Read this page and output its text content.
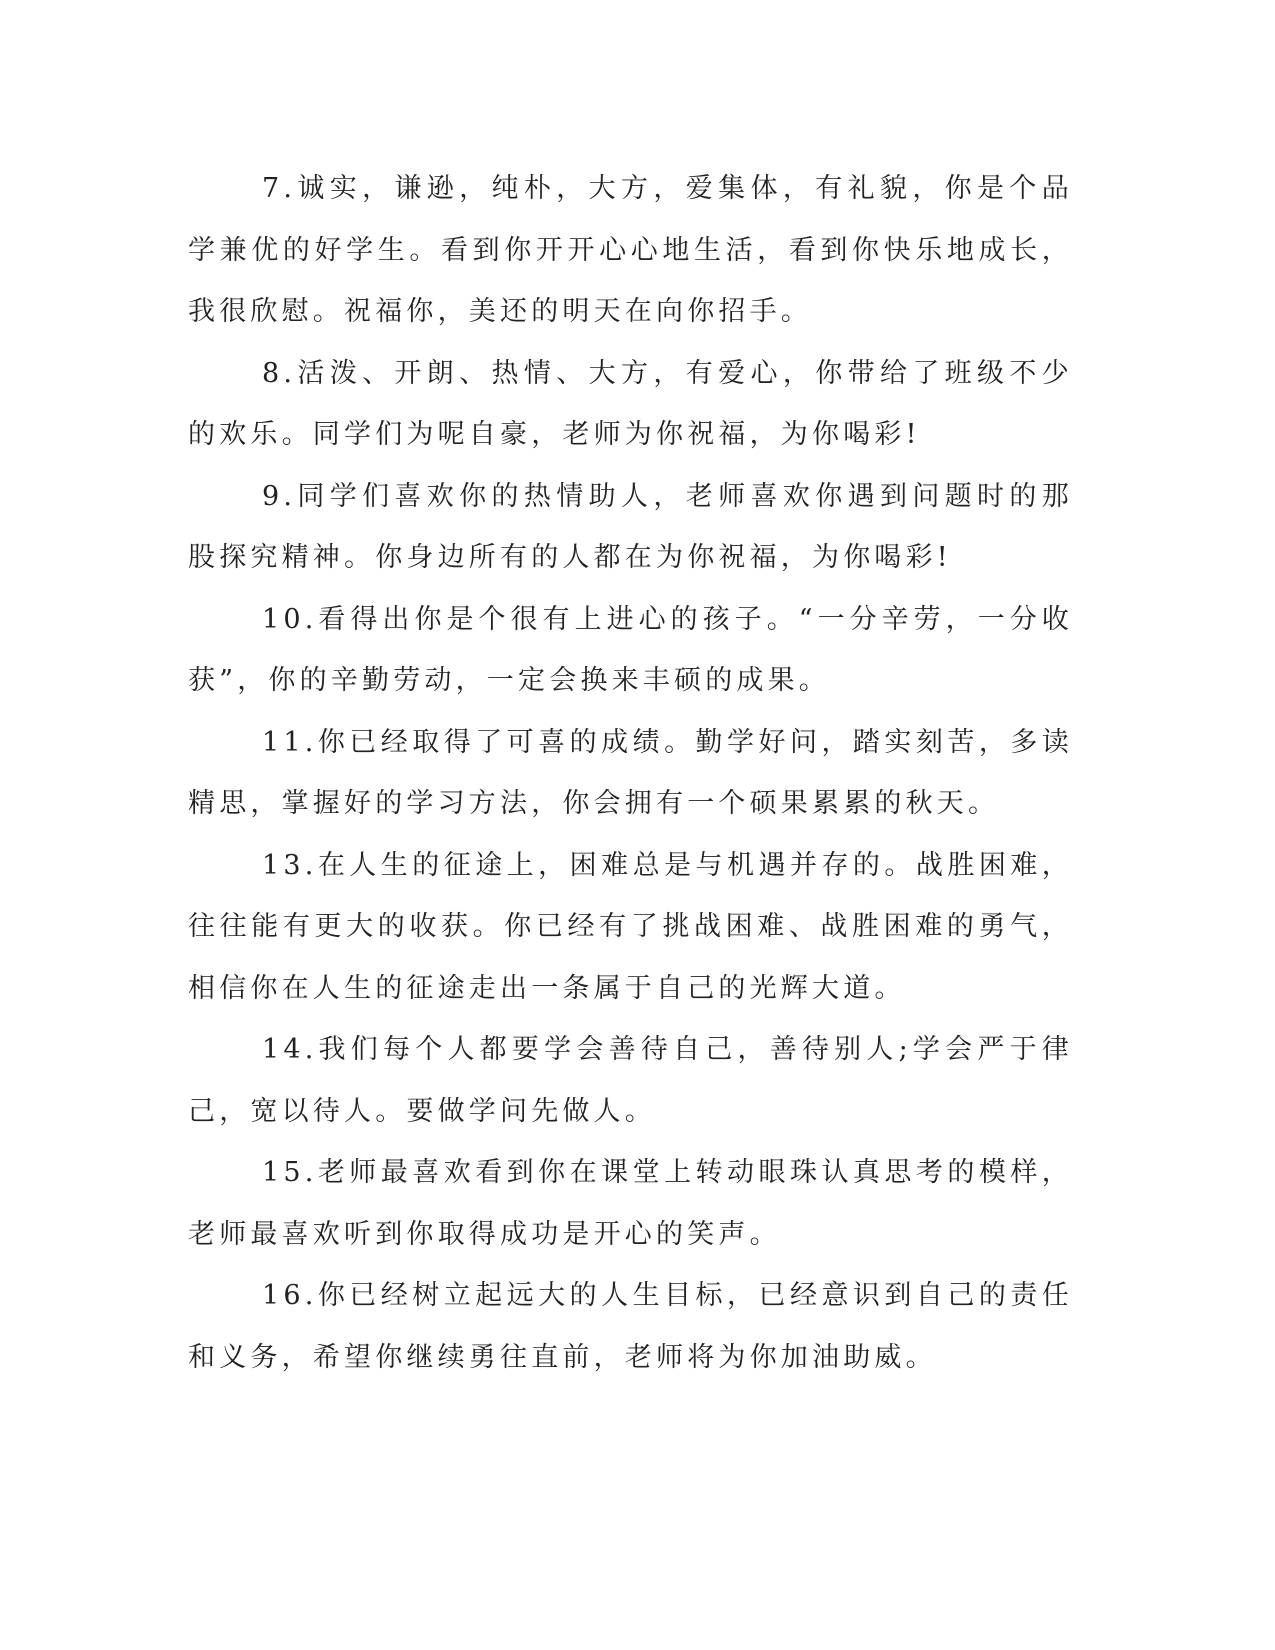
7.诚实，谦逊，纯朴，大方，爱集体，有礼貌，你是个品学兼优的好学生。看到你开开心心地生活，看到你快乐地成长，我很欣慰。祝福你，美还的明天在向你招手。

8.活泼、开朗、热情、大方，有爱心，你带给了班级不少的欢乐。同学们为呢自豪，老师为你祝福，为你喝彩!

9.同学们喜欢你的热情助人，老师喜欢你遇到问题时的那股探究精神。你身边所有的人都在为你祝福，为你喝彩!

10.看得出你是个很有上进心的孩子。“一分辛劳，一分收获”，你的辛勤劳动，一定会换来丰硕的成果。

11.你已经取得了可喜的成绩。勤学好问，踏实刻苦，多读精思，掌握好的学习方法，你会拥有一个硕果累累的秋天。

13.在人生的征途上，困难总是与机遇并存的。战胜困难，往往能有更大的收获。你已经有了挑战困难、战胜困难的勇气，相信你在人生的征途走出一条属于自己的光辉大道。

14.我们每个人都要学会善待自己，善待别人;学会严于律己，宽以待人。要做学问先做人。

15.老师最喜欢看到你在课堂上转动眼珠认真思考的模样，老师最喜欢听到你取得成功是开心的笑声。

16.你已经树立起远大的人生目标，已经意识到自己的责任和义务，希望你继续勇往直前，老师将为你加油助威。
